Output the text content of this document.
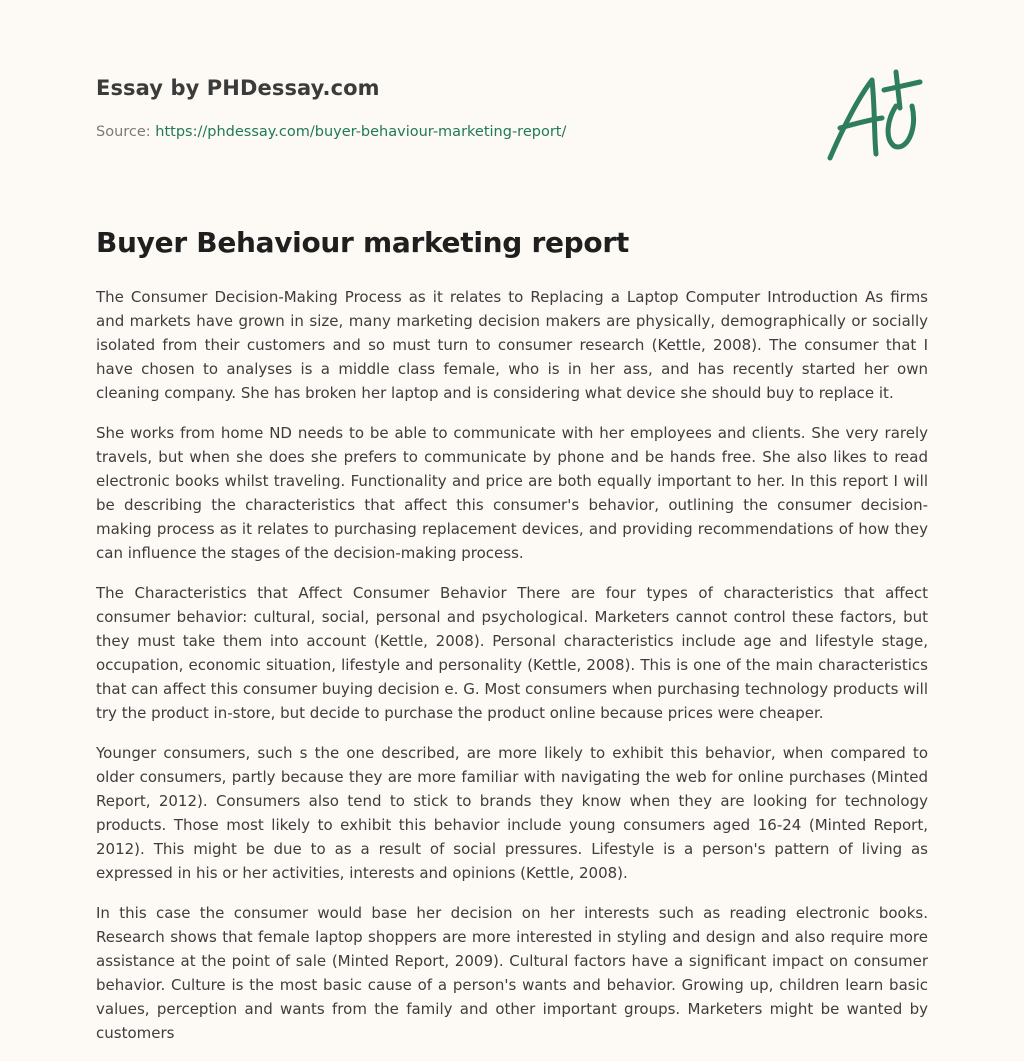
Essay by PHDessay.com
Source: https://phdessay.com/buyer-behaviour-marketing-report/
Buyer Behaviour marketing report

The Consumer Decision-Making Process as it relates to Replacing a Laptop Computer Introduction As firms and markets have grown in size, many marketing decision makers are physically, demographically or socially isolated from their customers and so must turn to consumer research (Kettle, 2008). The consumer that I have chosen to analyses is a middle class female, who is in her ass, and has recently started her own cleaning company. She has broken her laptop and is considering what device she should buy to replace it.

She works from home ND needs to be able to communicate with her employees and clients. She very rarely travels, but when she does she prefers to communicate by phone and be hands free. She also likes to read electronic books whilst traveling. Functionality and price are both equally important to her. In this report I will be describing the characteristics that affect this consumer's behavior, outlining the consumer decision-making process as it relates to purchasing replacement devices, and providing recommendations of how they can influence the stages of the decision-making process.

The Characteristics that Affect Consumer Behavior There are four types of characteristics that affect consumer behavior: cultural, social, personal and psychological. Marketers cannot control these factors, but they must take them into account (Kettle, 2008). Personal characteristics include age and lifestyle stage, occupation, economic situation, lifestyle and personality (Kettle, 2008). This is one of the main characteristics that can affect this consumer buying decision e. G. Most consumers when purchasing technology products will try the product in-store, but decide to purchase the product online because prices were cheaper.

Younger consumers, such s the one described, are more likely to exhibit this behavior, when compared to older consumers, partly because they are more familiar with navigating the web for online purchases (Minted Report, 2012). Consumers also tend to stick to brands they know when they are looking for technology products. Those most likely to exhibit this behavior include young consumers aged 16-24 (Minted Report, 2012). This might be due to as a result of social pressures. Lifestyle is a person's pattern of living as expressed in his or her activities, interests and opinions (Kettle, 2008).

In this case the consumer would base her decision on her interests such as reading electronic books. Research shows that female laptop shoppers are more interested in styling and design and also require more assistance at the point of sale (Minted Report, 2009). Cultural factors have a significant impact on consumer behavior. Culture is the most basic cause of a person's wants and behavior. Growing up, children learn basic values, perception and wants from the family and other important groups. Marketers might be wanted by customers
